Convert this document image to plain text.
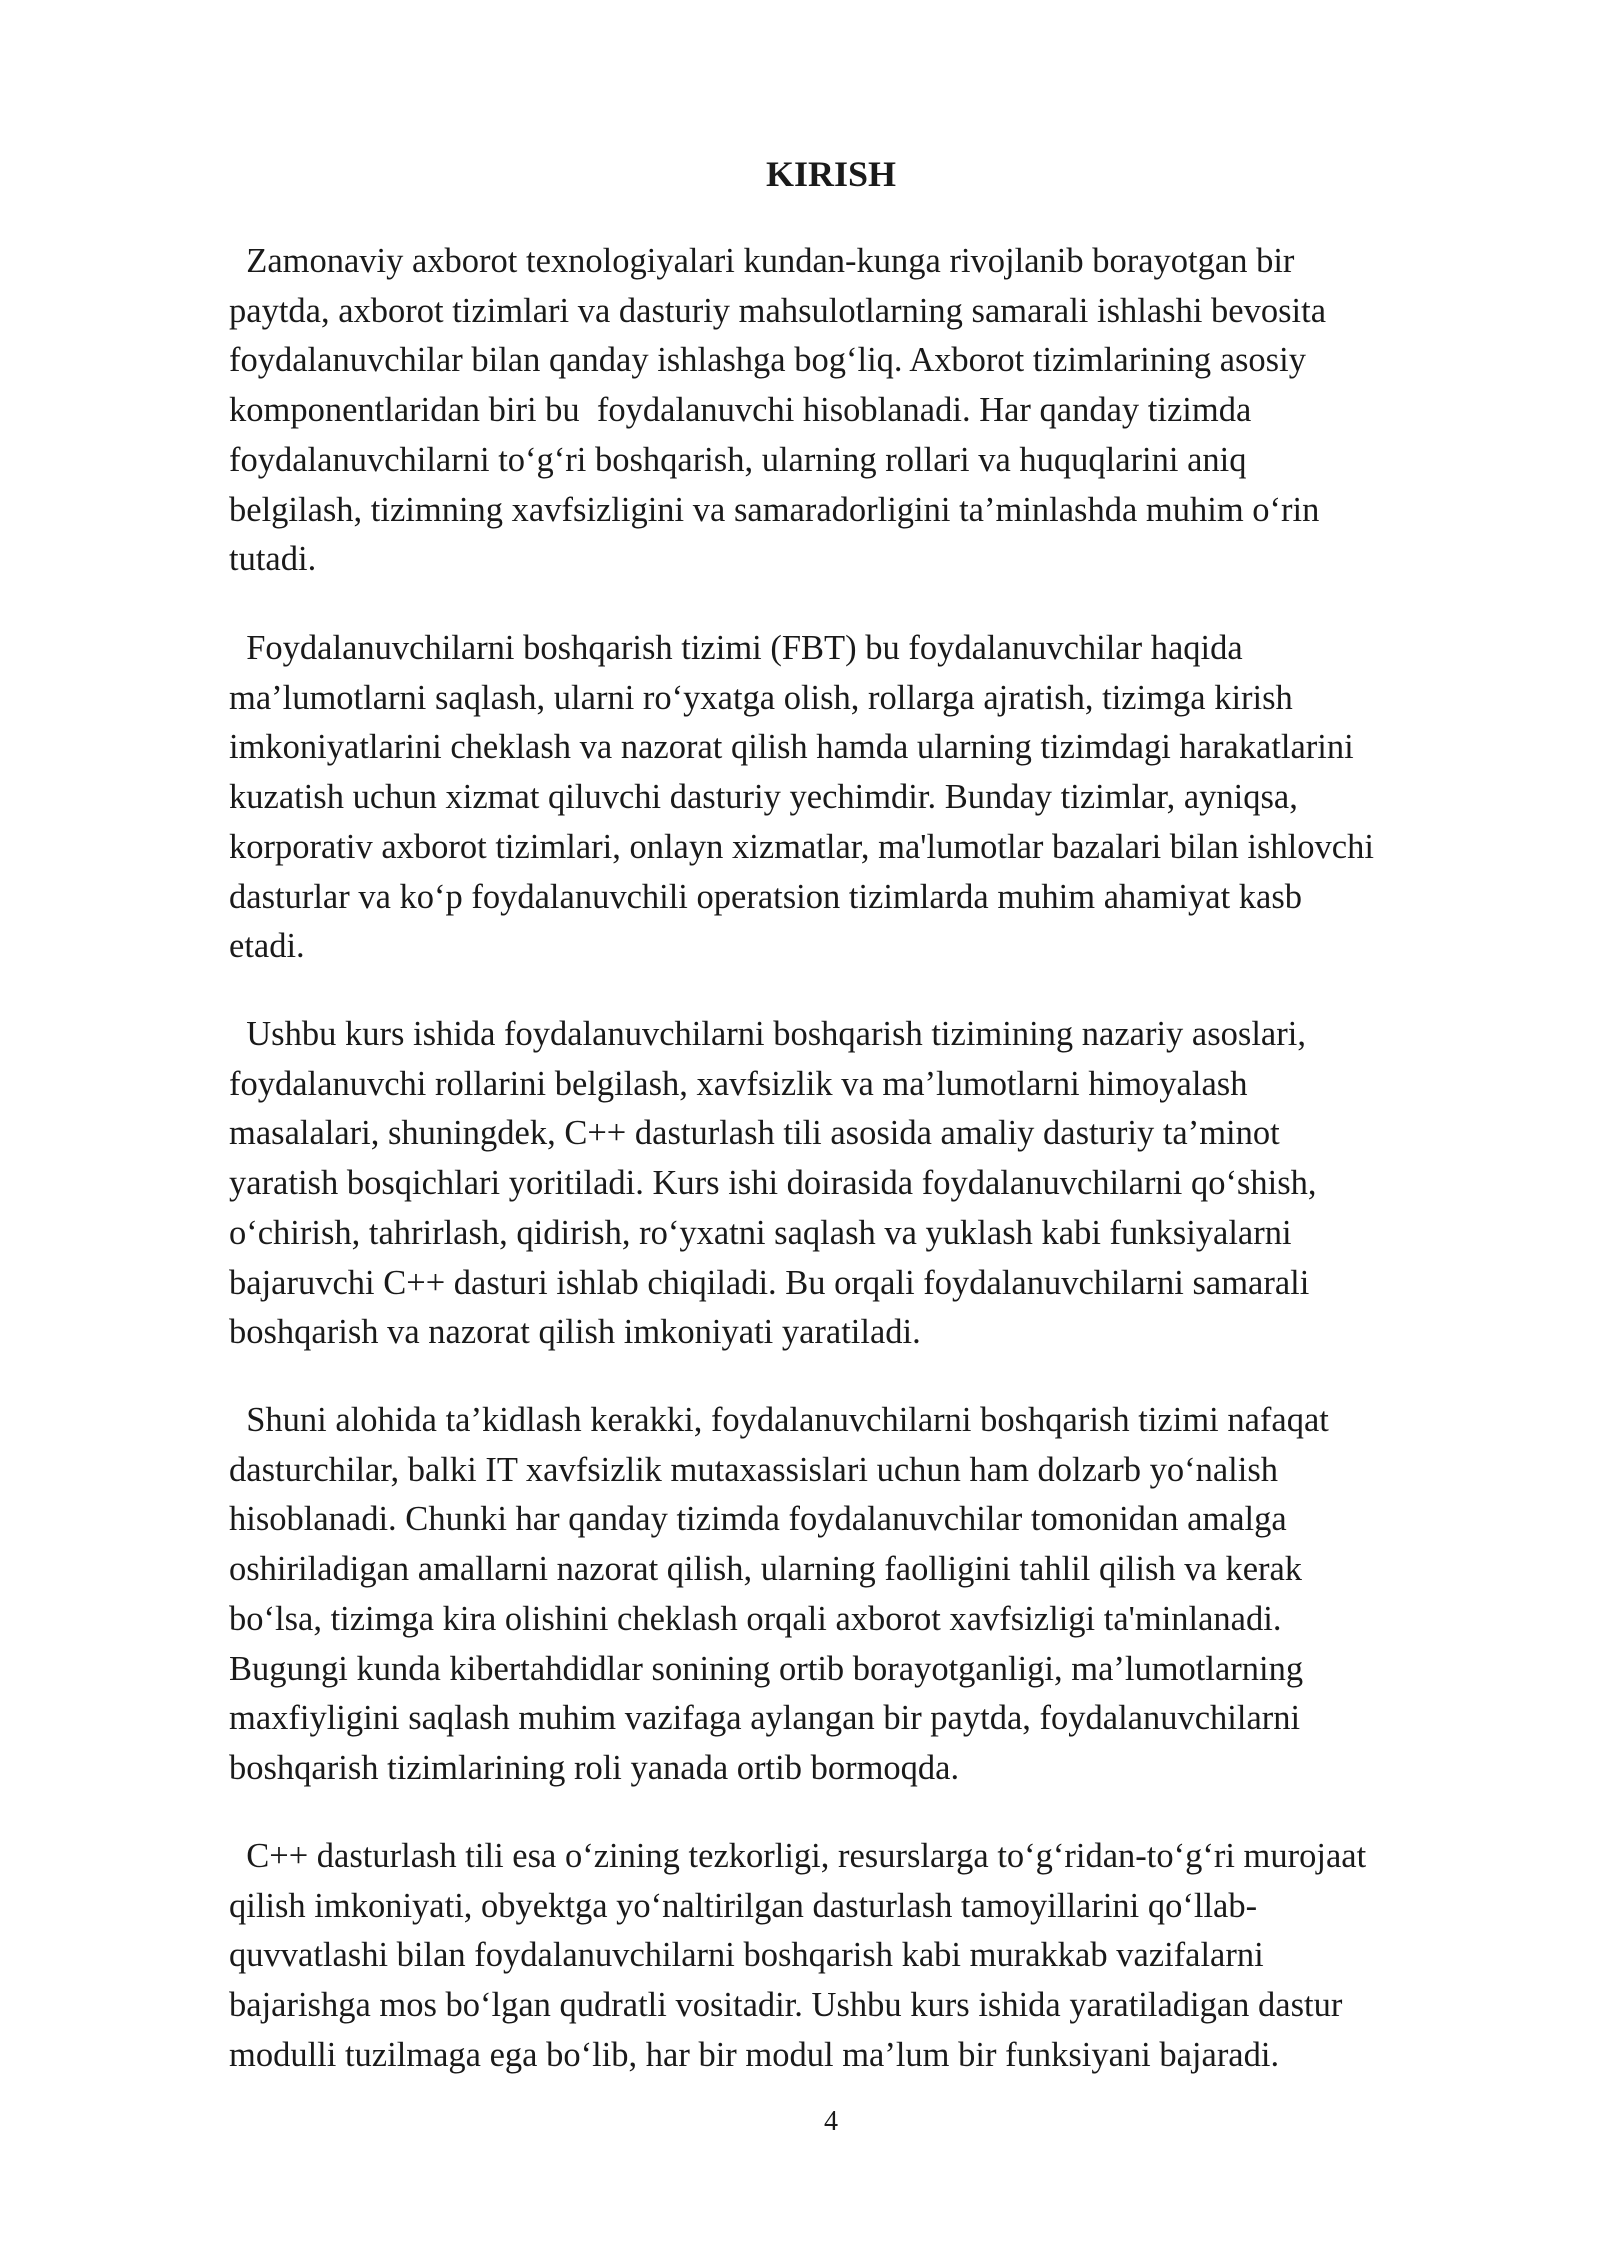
KIRISH

Zamonaviy axborot texnologiyalari kundan-kunga rivojlanib borayotgan bir
paytda, axborot tizimlari va dasturiy mahsulotlarning samarali ishlashi bevosita
foydalanuvchilar bilan qanday ishlashga bog‘liq. Axborot tizimlarining asosiy
komponentlaridan biri bu  foydalanuvchi hisoblanadi. Har qanday tizimda
foydalanuvchilarni to‘g‘ri boshqarish, ularning rollari va huquqlarini aniq
belgilash, tizimning xavfsizligini va samaradorligini ta’minlashda muhim o‘rin
tutadi.

Foydalanuvchilarni boshqarish tizimi (FBT) bu foydalanuvchilar haqida
ma’lumotlarni saqlash, ularni ro‘yxatga olish, rollarga ajratish, tizimga kirish
imkoniyatlarini cheklash va nazorat qilish hamda ularning tizimdagi harakatlarini
kuzatish uchun xizmat qiluvchi dasturiy yechimdir. Bunday tizimlar, ayniqsa,
korporativ axborot tizimlari, onlayn xizmatlar, ma'lumotlar bazalari bilan ishlovchi
dasturlar va ko‘p foydalanuvchili operatsion tizimlarda muhim ahamiyat kasb
etadi.

Ushbu kurs ishida foydalanuvchilarni boshqarish tizimining nazariy asoslari,
foydalanuvchi rollarini belgilash, xavfsizlik va ma’lumotlarni himoyalash
masalalari, shuningdek, C++ dasturlash tili asosida amaliy dasturiy ta’minot
yaratish bosqichlari yoritiladi. Kurs ishi doirasida foydalanuvchilarni qo‘shish,
o‘chirish, tahrirlash, qidirish, ro‘yxatni saqlash va yuklash kabi funksiyalarni
bajaruvchi C++ dasturi ishlab chiqiladi. Bu orqali foydalanuvchilarni samarali
boshqarish va nazorat qilish imkoniyati yaratiladi.

Shuni alohida ta’kidlash kerakki, foydalanuvchilarni boshqarish tizimi nafaqat
dasturchilar, balki IT xavfsizlik mutaxassislari uchun ham dolzarb yo‘nalish
hisoblanadi. Chunki har qanday tizimda foydalanuvchilar tomonidan amalga
oshiriladigan amallarni nazorat qilish, ularning faolligini tahlil qilish va kerak
bo‘lsa, tizimga kira olishini cheklash orqali axborot xavfsizligi ta'minlanadi.
Bugungi kunda kibertahdidlar sonining ortib borayotganligi, ma’lumotlarning
maxfiyligini saqlash muhim vazifaga aylangan bir paytda, foydalanuvchilarni
boshqarish tizimlarining roli yanada ortib bormoqda.

C++ dasturlash tili esa o‘zining tezkorligi, resurslarga to‘g‘ridan-to‘g‘ri murojaat
qilish imkoniyati, obyektga yo‘naltirilgan dasturlash tamoyillarini qo‘llab-
quvvatlashi bilan foydalanuvchilarni boshqarish kabi murakkab vazifalarni
bajarishga mos bo‘lgan qudratli vositadir. Ushbu kurs ishida yaratiladigan dastur
modulli tuzilmaga ega bo‘lib, har bir modul ma’lum bir funksiyani bajaradi.

4
